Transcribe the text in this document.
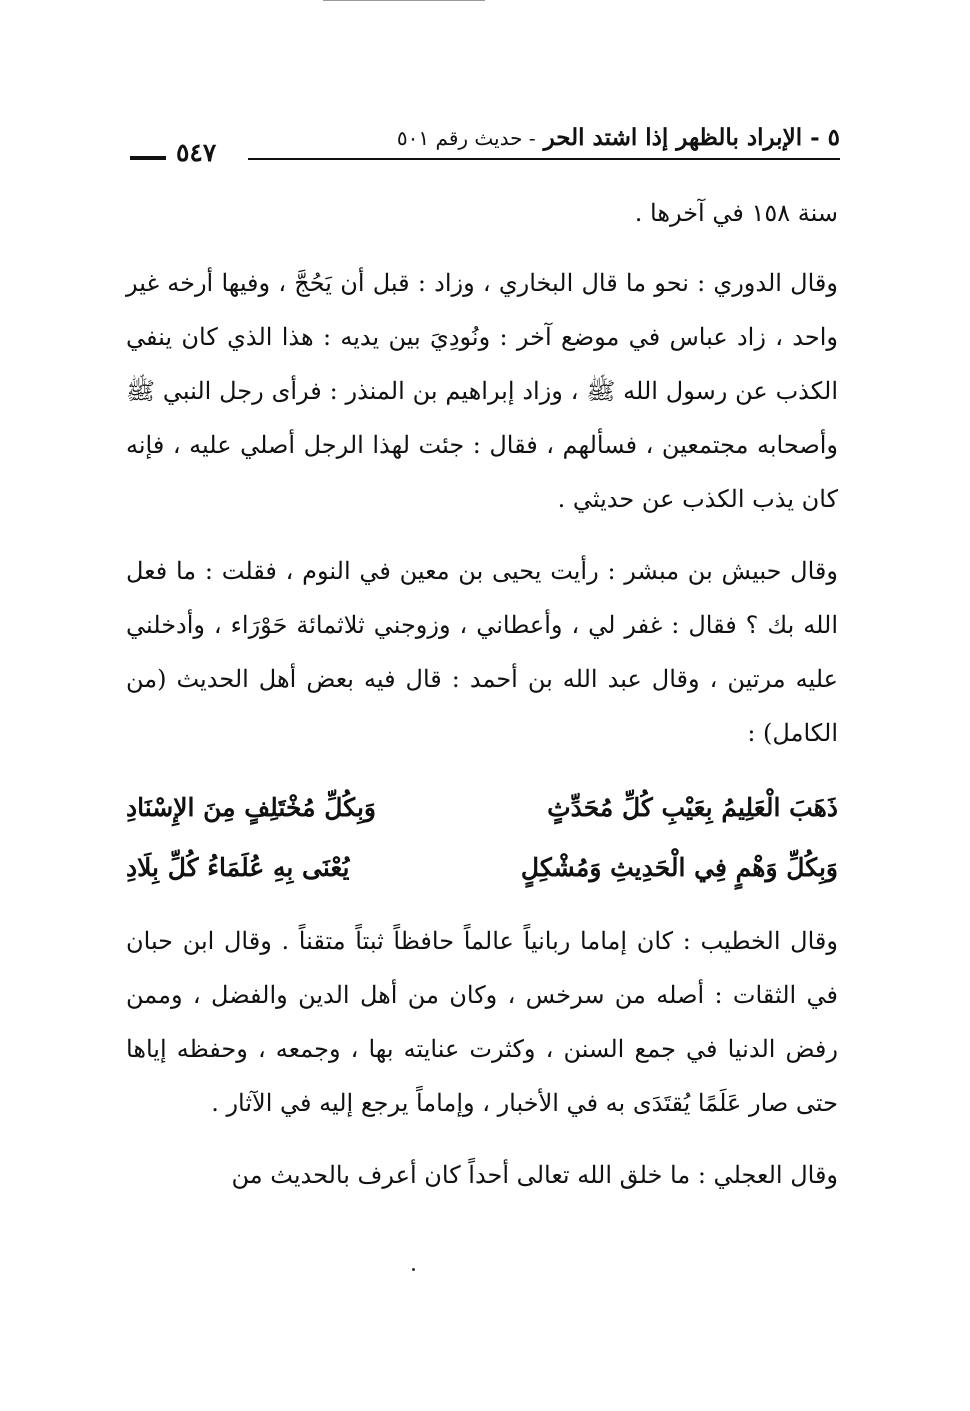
٥ - الإبراد بالظهر إذا اشتد الحر - حديث رقم ٥٠١
٥٤٧

سنة ١٥٨ في آخرها .

وقال الدوري : نحو ما قال البخاري ، وزاد : قبل أن يَحُجَّ ، وفيها أرخه غير واحد ، زاد عباس في موضع آخر : ونُودِيَ بين يديه : هذا الذي كان ينفي الكذب عن رسول الله ﷺ ، وزاد إبراهيم بن المنذر : فرأى رجل النبي ﷺ وأصحابه مجتمعين ، فسألهم ، فقال : جئت لهذا الرجل أصلي عليه ، فإنه كان يذب الكذب عن حديثي .

وقال حبيش بن مبشر : رأيت يحيى بن معين في النوم ، فقلت : ما فعل الله بك ؟ فقال : غفر لي ، وأعطاني ، وزوجني ثلاثمائة حَوْرَاء ، وأدخلني عليه مرتين ، وقال عبد الله بن أحمد : قال فيه بعض أهل الحديث (من الكامل) :

ذَهَبَ الْعَلِيمُ بِعَيْبِ كُلِّ مُحَدِّثٍ
وَبِكُلِّ مُخْتَلِفٍ مِنَ الإِسْنَادِ
وَبِكُلِّ وَهْمٍ فِي الْحَدِيثِ وَمُشْكِلٍ
يُعْنَى بِهِ عُلَمَاءُ كُلِّ بِلَادِ

وقال الخطيب : كان إماما ربانياً عالماً حافظاً ثبتاً متقناً . وقال ابن حبان في الثقات : أصله من سرخس ، وكان من أهل الدين والفضل ، وممن رفض الدنيا في جمع السنن ، وكثرت عنايته بها ، وجمعه ، وحفظه إياها حتى صار عَلَمًا يُقتَدَى به في الأخبار ، وإماماً يرجع إليه في الآثار .

وقال العجلي : ما خلق الله تعالى أحداً كان أعرف بالحديث من
